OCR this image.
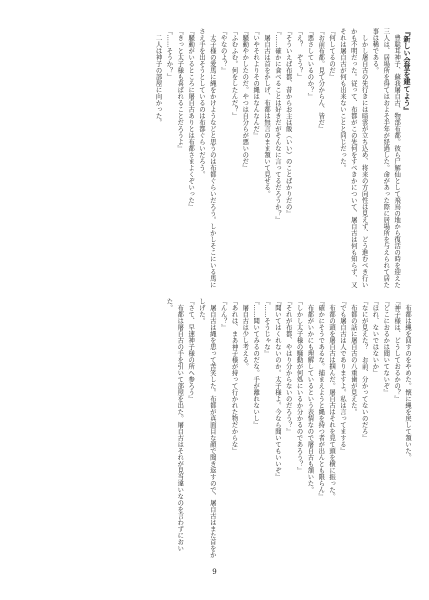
『新しい会堂を建てよう』

　豊聡耳神子、蘇我屠自古、物部布都。彼ら尸解仙として飛鳥の地から復活の時を迎えた三人は、居場所を得てはおよそ半年が経過した。命があった際に居場所を与えられて居た事は稀である。

　しかし屠自古の先行きには暗雲が立ち込め、将来の方向性は見えず、どう進むべき行いかも不明だった。従って、布都がこの先何をすべきかについて、屠自古は何も知らず、又それは屠自古が何も出来ないことと同じだった。

『何してるのだ』

『お前布都。見て分からん、皆だ』

『悪さしているのか？』

『え？　ぞう？』

『そういえば布都、昔からお主は飯（いい）のことばかりだの』

『……確かに食べることは好きだがそんなに言ってるだろうか？』

　屠自古は首をかしげ、布都は無言のまま頷いて見せる。

『いやそれよりその縄はなんなんだ』

『騒動やかしたのだ。やつは自分らが悪いのだ』

『ふむふむ。何をしたんだ？』

『やなのよ？』

　太子様の愛馬に縄をかけようなどと思うのは布都ぐらいだろう。しかしそこにいる馬にさえ手を出そうとしているのは布都ぐらいだろう。

『騒動がいるところに屠自古ありとは布都さまよくぞいった』

『きっと太子様も喜ばれることだろうよ』

『……そうか？』

　二人は神子の部屋に向かった。

　布都は縄を回すのをやめた。懐に縄を戻して頷いた。

『神子様は、どうしておるかの？』

『どこにおるかは聞いてないぞ』

『ほれ、ないではないか』

『なにが見えた？　お前、分かってないのだろ』

　布都の話に屠自古の八重歯が見えた。

『でも屠自古は人でありますよ。私は言ってまする』

　布都の頭を屠自古は掴んだ。屠自古はそれを見て頭を横に振った。

『確かにそうであるな。捕まえようと縄を持つ者が出んとも限らん』

　布都がいかにも理解しているという表情なので屠自古も頷いた。

『しかし太子様の騒動が何処にいるか分かるのであろう？』

『それが布都、やはり分からないのだろう？』

『聞いてはくれないのか。太子様よ。今なら聞いてもいいぞ』

『……そうじゃな』

『……聞いてみるのだな。手が離れないし』

　屠自古は少し考える。

『あれは、まあ神子様が持って行かれた物だからな』

『んん？』

　屠自古は縄を思って苦笑した。布都が真面目な顔で聞き返すので、屠自古はまた首をかしげた。

『さて、早速神子様の所へ参ろう』

　布都は屠自古の手を引いて部屋を出た。屠自古はそれが見当違いなのを言わずにおいた。

9
